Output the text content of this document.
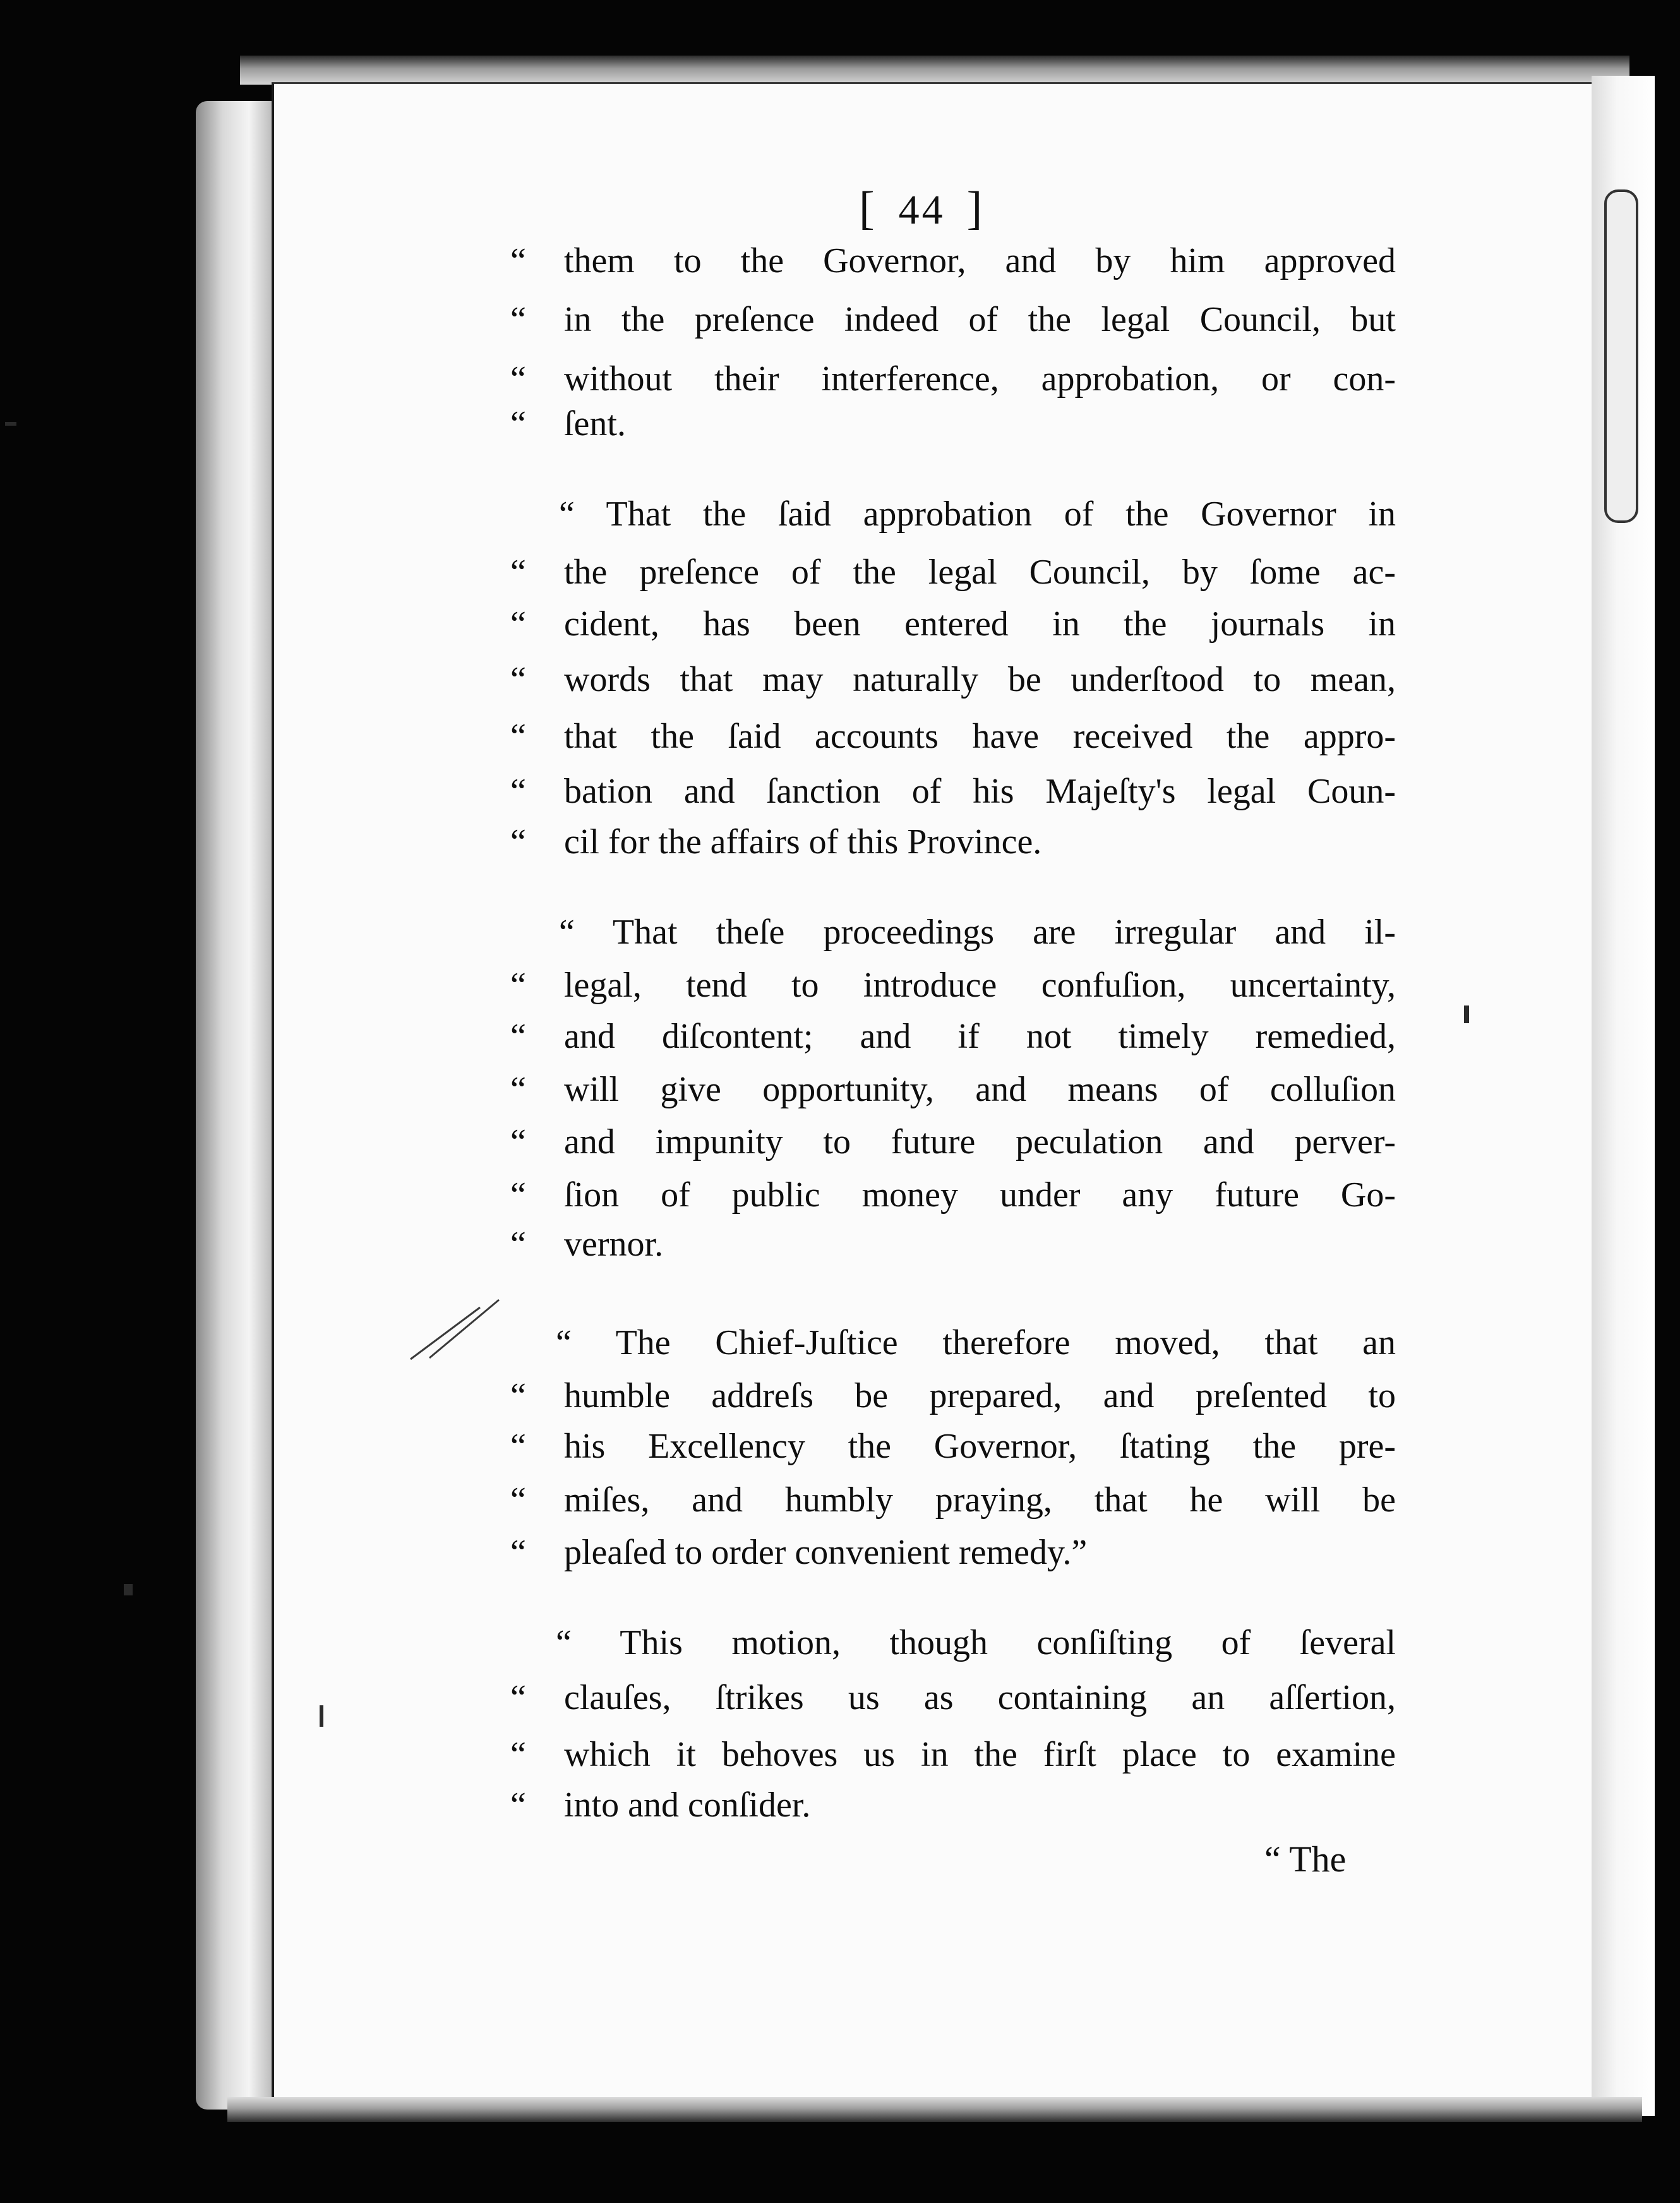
[ 44 ]
“ them to the Governor, and by him approved
“ in the preſence indeed of the legal Council, but
“ without their interference, approbation, or con-
“ ſent.
“ That the ſaid approbation of the Governor in
“ the preſence of the legal Council, by ſome ac-
“ cident, has been entered in the journals in
“ words that may naturally be underſtood to mean,
“ that the ſaid accounts have received the appro-
“ bation and ſanction of his Majeſty's legal Coun-
“ cil for the affairs of this Province.
“ That theſe proceedings are irregular and il-
“ legal, tend to introduce confuſion, uncertainty,
“ and diſcontent; and if not timely remedied,
“ will give opportunity, and means of colluſion
“ and impunity to future peculation and perver-
“ ſion of public money under any future Go-
“ vernor.
“ The Chief-Juſtice therefore moved, that an
“ humble addreſs be prepared, and preſented to
“ his Excellency the Governor, ſtating the pre-
“ miſes, and humbly praying, that he will be
“ pleaſed to order convenient remedy.”
“ This motion, though conſiſting of ſeveral
“ clauſes, ſtrikes us as containing an aſſertion,
“ which it behoves us in the firſt place to examine
“ into and conſider.
“ The
